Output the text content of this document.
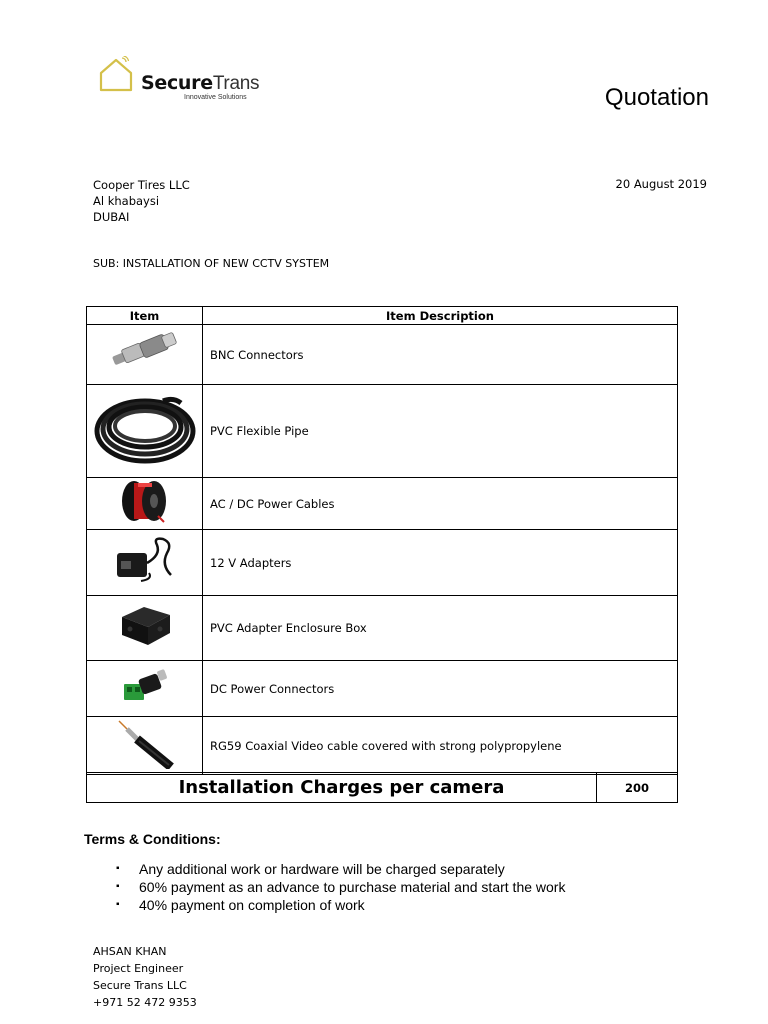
SecureTrans
Innovative Solutions	Quotation
Cooper Tires LLC
Al khabaysi
DUBAI
20 August 2019
SUB: INSTALLATION OF NEW CCTV SYSTEM
Item	Item Description
	BNC Connectors
	PVC Flexible Pipe
	AC / DC Power Cables
	12 V Adapters
	PVC Adapter Enclosure Box
	DC Power Connectors
	RG59 Coaxial Video cable covered with strong polypropylene
Installation Charges per camera	200
Terms & Conditions:
▪ Any additional work or hardware will be charged separately
▪ 60% payment as an advance to purchase material and start the work
▪ 40% payment on completion of work
AHSAN KHAN
Project Engineer
Secure Trans LLC
+971 52 472 9353
